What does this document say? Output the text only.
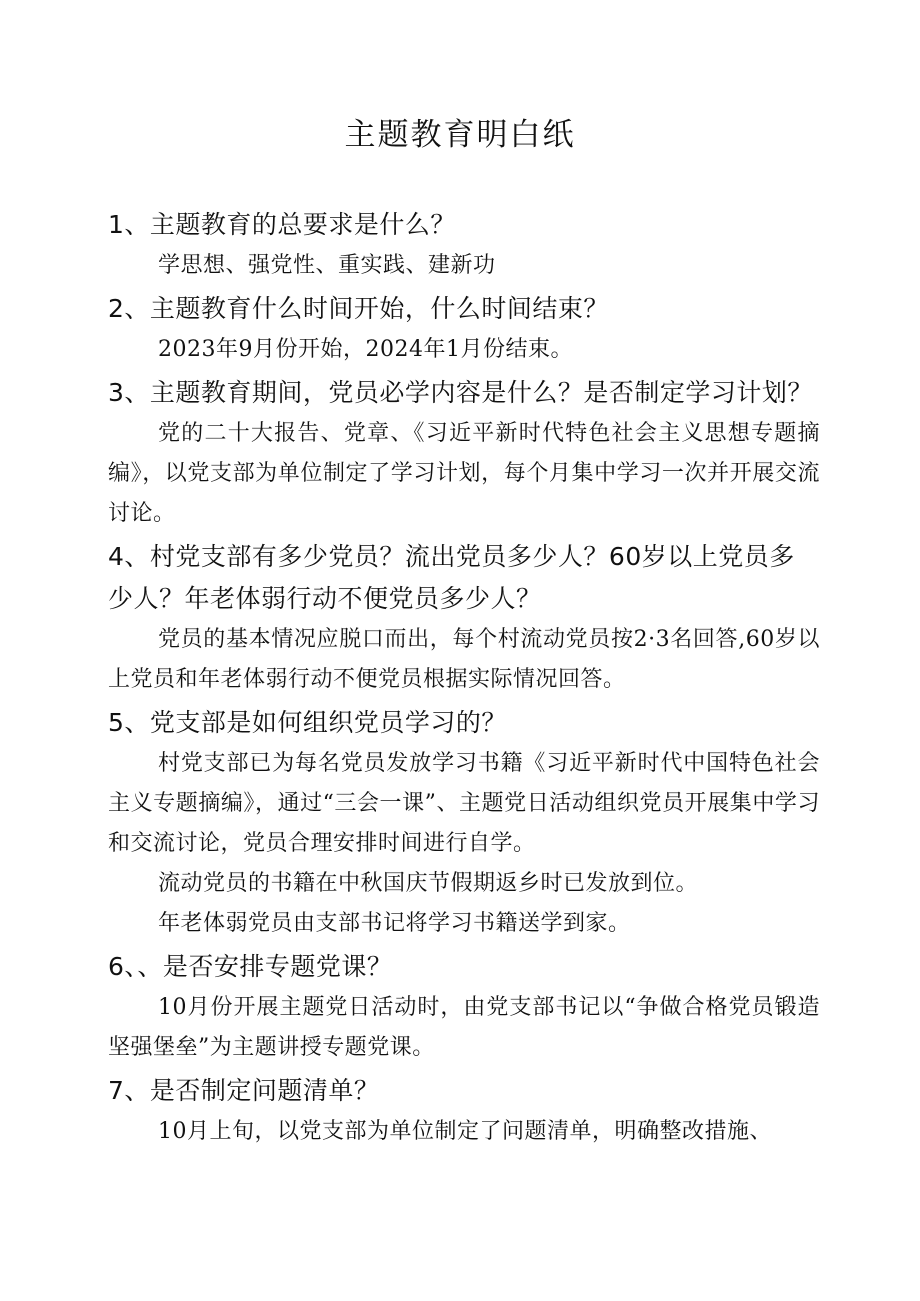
主题教育明白纸

1、主题教育的总要求是什么？

学思想、强党性、重实践、建新功

2、主题教育什么时间开始，什么时间结束？

2023年9月份开始，2024年1月份结束。

3、主题教育期间，党员必学内容是什么？是否制定学习计划？

党的二十大报告、党章、《习近平新时代特色社会主义思想专题摘编》，以党支部为单位制定了学习计划，每个月集中学习一次并开展交流讨论。

4、村党支部有多少党员？流出党员多少人？60岁以上党员多少人？年老体弱行动不便党员多少人？

党员的基本情况应脱口而出，每个村流动党员按2·3名回答,60岁以上党员和年老体弱行动不便党员根据实际情况回答。

5、党支部是如何组织党员学习的？

村党支部已为每名党员发放学习书籍《习近平新时代中国特色社会主义专题摘编》，通过“三会一课”、主题党日活动组织党员开展集中学习和交流讨论，党员合理安排时间进行自学。

流动党员的书籍在中秋国庆节假期返乡时已发放到位。

年老体弱党员由支部书记将学习书籍送学到家。

6、、是否安排专题党课？

10月份开展主题党日活动时，由党支部书记以“争做合格党员锻造坚强堡垒”为主题讲授专题党课。

7、是否制定问题清单？

10月上旬，以党支部为单位制定了问题清单，明确整改措施、
